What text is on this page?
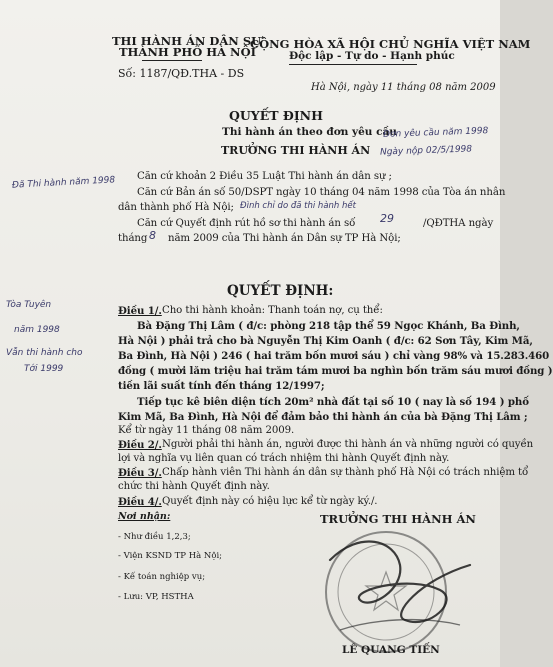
THI HÀNH ÁN DÂN SỰ
THÀNH PHỐ HÀ NỘI
Số: 1187/QĐ.THA - DS
CỘNG HÒA XÃ HỘI CHỦ NGHĨA VIỆT NAM
Độc lập - Tự do - Hạnh phúc
Hà Nội, ngày 11 tháng 08 năm 2009
QUYẾT ĐỊNH
Thi hành án theo đơn yêu cầu
TRƯỞNG THI HÀNH ÁN
Đơn yêu cầu năm 1998
Ngày nộp 02/5/1998
Đã Thi hành năm 1998 Căn cứ khoản 2 Điều 35 Luật Thi hành án dân sự ;
Căn cứ Bản án số 50/DSPT ngày 10 tháng 04 năm 1998 của Tòa án nhân
dân thành phố Hà Nội; Đình chỉ do đã thi hành hết
Căn cứ Quyết định rút hồ sơ thi hành án số 29	/QĐTHA ngày
tháng 8 năm 2009 của Thi hành án Dân sự TP Hà Nội;
QUYẾT ĐỊNH:
Tòa Tuyên
năm 1998
Vẫn thi hành cho
Tới 1999
Điều 1/. Cho thi hành khoản: Thanh toán nợ, cụ thể:
Bà Đặng Thị Lâm ( đ/c: phòng 218 tập thể 59 Ngọc Khánh, Ba Đình,
Hà Nội ) phải trả cho bà Nguyễn Thị Kim Oanh ( đ/c: 62 Sơn Tây, Kim Mã,
Ba Đình, Hà Nội ) 246 ( hai trăm bốn mươi sáu ) chỉ vàng 98% và 15.283.460
đồng ( mười lăm triệu hai trăm tám mươi ba nghìn bốn trăm sáu mươi đồng )
tiền lãi suất tính đến tháng 12/1997;
Tiếp tục kê biên diện tích 20m² nhà đất tại số 10 ( nay là số 194 ) phố
Kim Mã, Ba Đình, Hà Nội để đảm bảo thi hành án của bà Đặng Thị Lâm ;
Kể từ ngày 11 tháng 08 năm 2009.
Điều 2/. Người phải thi hành án, người được thi hành án và những người có quyền
lợi và nghĩa vụ liên quan có trách nhiệm thi hành Quyết định này.
Điều 3/. Chấp hành viên Thi hành án dân sự thành phố Hà Nội có trách nhiệm tổ
chức thi hành Quyết định này.
Điều 4/. Quyết định này có hiệu lực kể từ ngày ký./.
Nơi nhận:
- Như điều 1,2,3;
- Viện KSND TP Hà Nội;
- Kế toán nghiệp vụ;
- Lưu: VP, HSTHA
TRƯỞNG THI HÀNH ÁN
LÊ QUANG TIẾN
